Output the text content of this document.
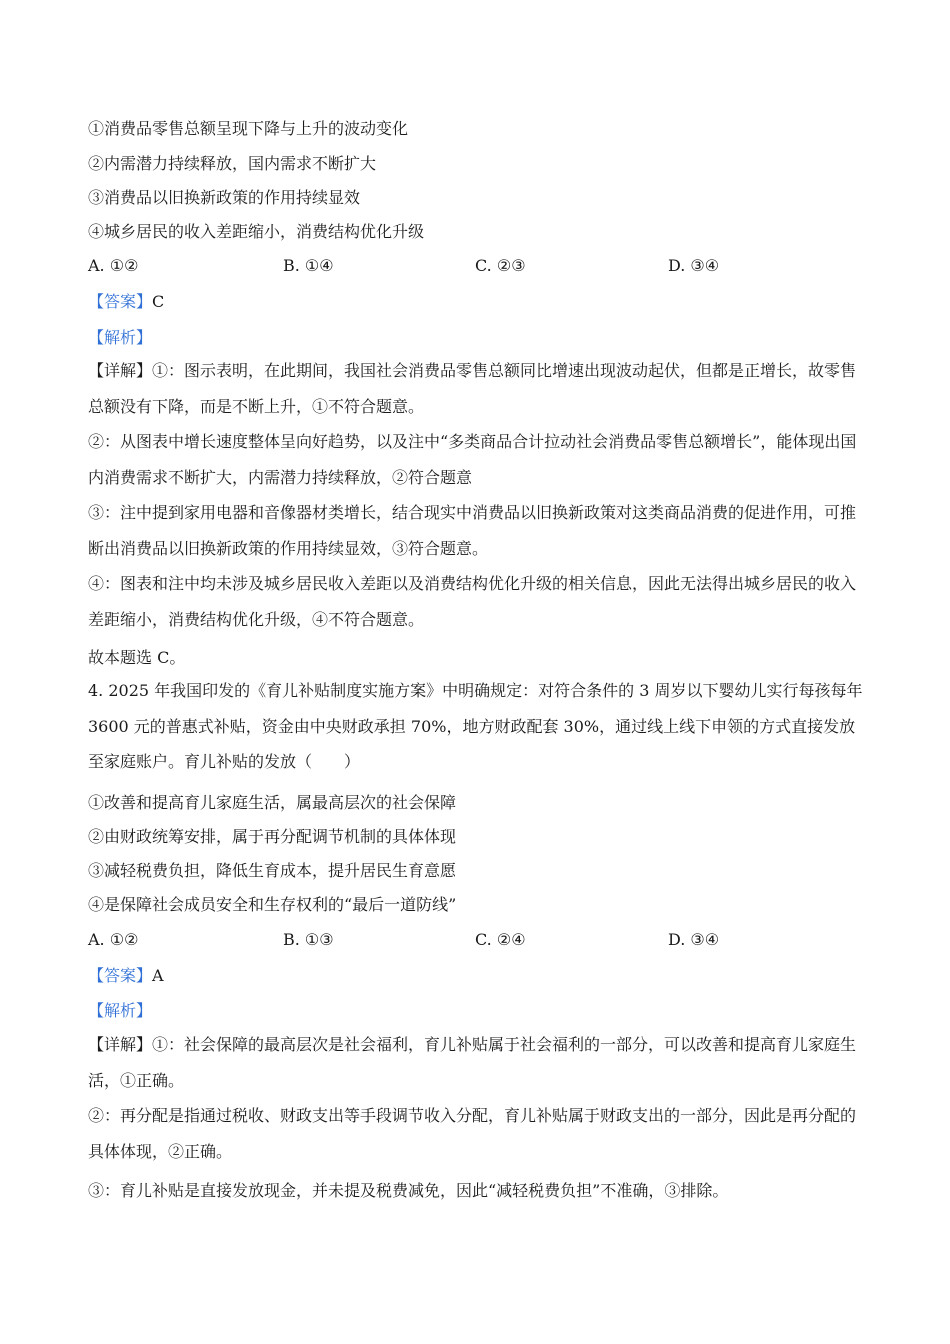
①消费品零售总额呈现下降与上升的波动变化
②内需潜力持续释放，国内需求不断扩大
③消费品以旧换新政策的作用持续显效
④城乡居民的收入差距缩小，消费结构优化升级
A. ①②	B. ①④	C. ②③	D. ③④
【答案】C
【解析】
【详解】①：图示表明，在此期间，我国社会消费品零售总额同比增速出现波动起伏，但都是正增长，故零售总额没有下降，而是不断上升，①不符合题意。
②：从图表中增长速度整体呈向好趋势，以及注中“多类商品合计拉动社会消费品零售总额增长”，能体现出国内消费需求不断扩大，内需潜力持续释放，②符合题意
③：注中提到家用电器和音像器材类增长，结合现实中消费品以旧换新政策对这类商品消费的促进作用，可推断出消费品以旧换新政策的作用持续显效，③符合题意。
④：图表和注中均未涉及城乡居民收入差距以及消费结构优化升级的相关信息，因此无法得出城乡居民的收入差距缩小，消费结构优化升级，④不符合题意。
故本题选 C。
4. 2025 年我国印发的《育儿补贴制度实施方案》中明确规定：对符合条件的 3 周岁以下婴幼儿实行每孩每年 3600 元的普惠式补贴，资金由中央财政承担 70%，地方财政配套 30%，通过线上线下申领的方式直接发放至家庭账户。育儿补贴的发放（　　）
①改善和提高育儿家庭生活，属最高层次的社会保障
②由财政统筹安排，属于再分配调节机制的具体体现
③减轻税费负担，降低生育成本，提升居民生育意愿
④是保障社会成员安全和生存权利的“最后一道防线”
A. ①②	B. ①③	C. ②④	D. ③④
【答案】A
【解析】
【详解】①：社会保障的最高层次是社会福利，育儿补贴属于社会福利的一部分，可以改善和提高育儿家庭生活，①正确。
②：再分配是指通过税收、财政支出等手段调节收入分配，育儿补贴属于财政支出的一部分，因此是再分配的具体体现，②正确。
③：育儿补贴是直接发放现金，并未提及税费减免，因此“减轻税费负担”不准确，③排除。
